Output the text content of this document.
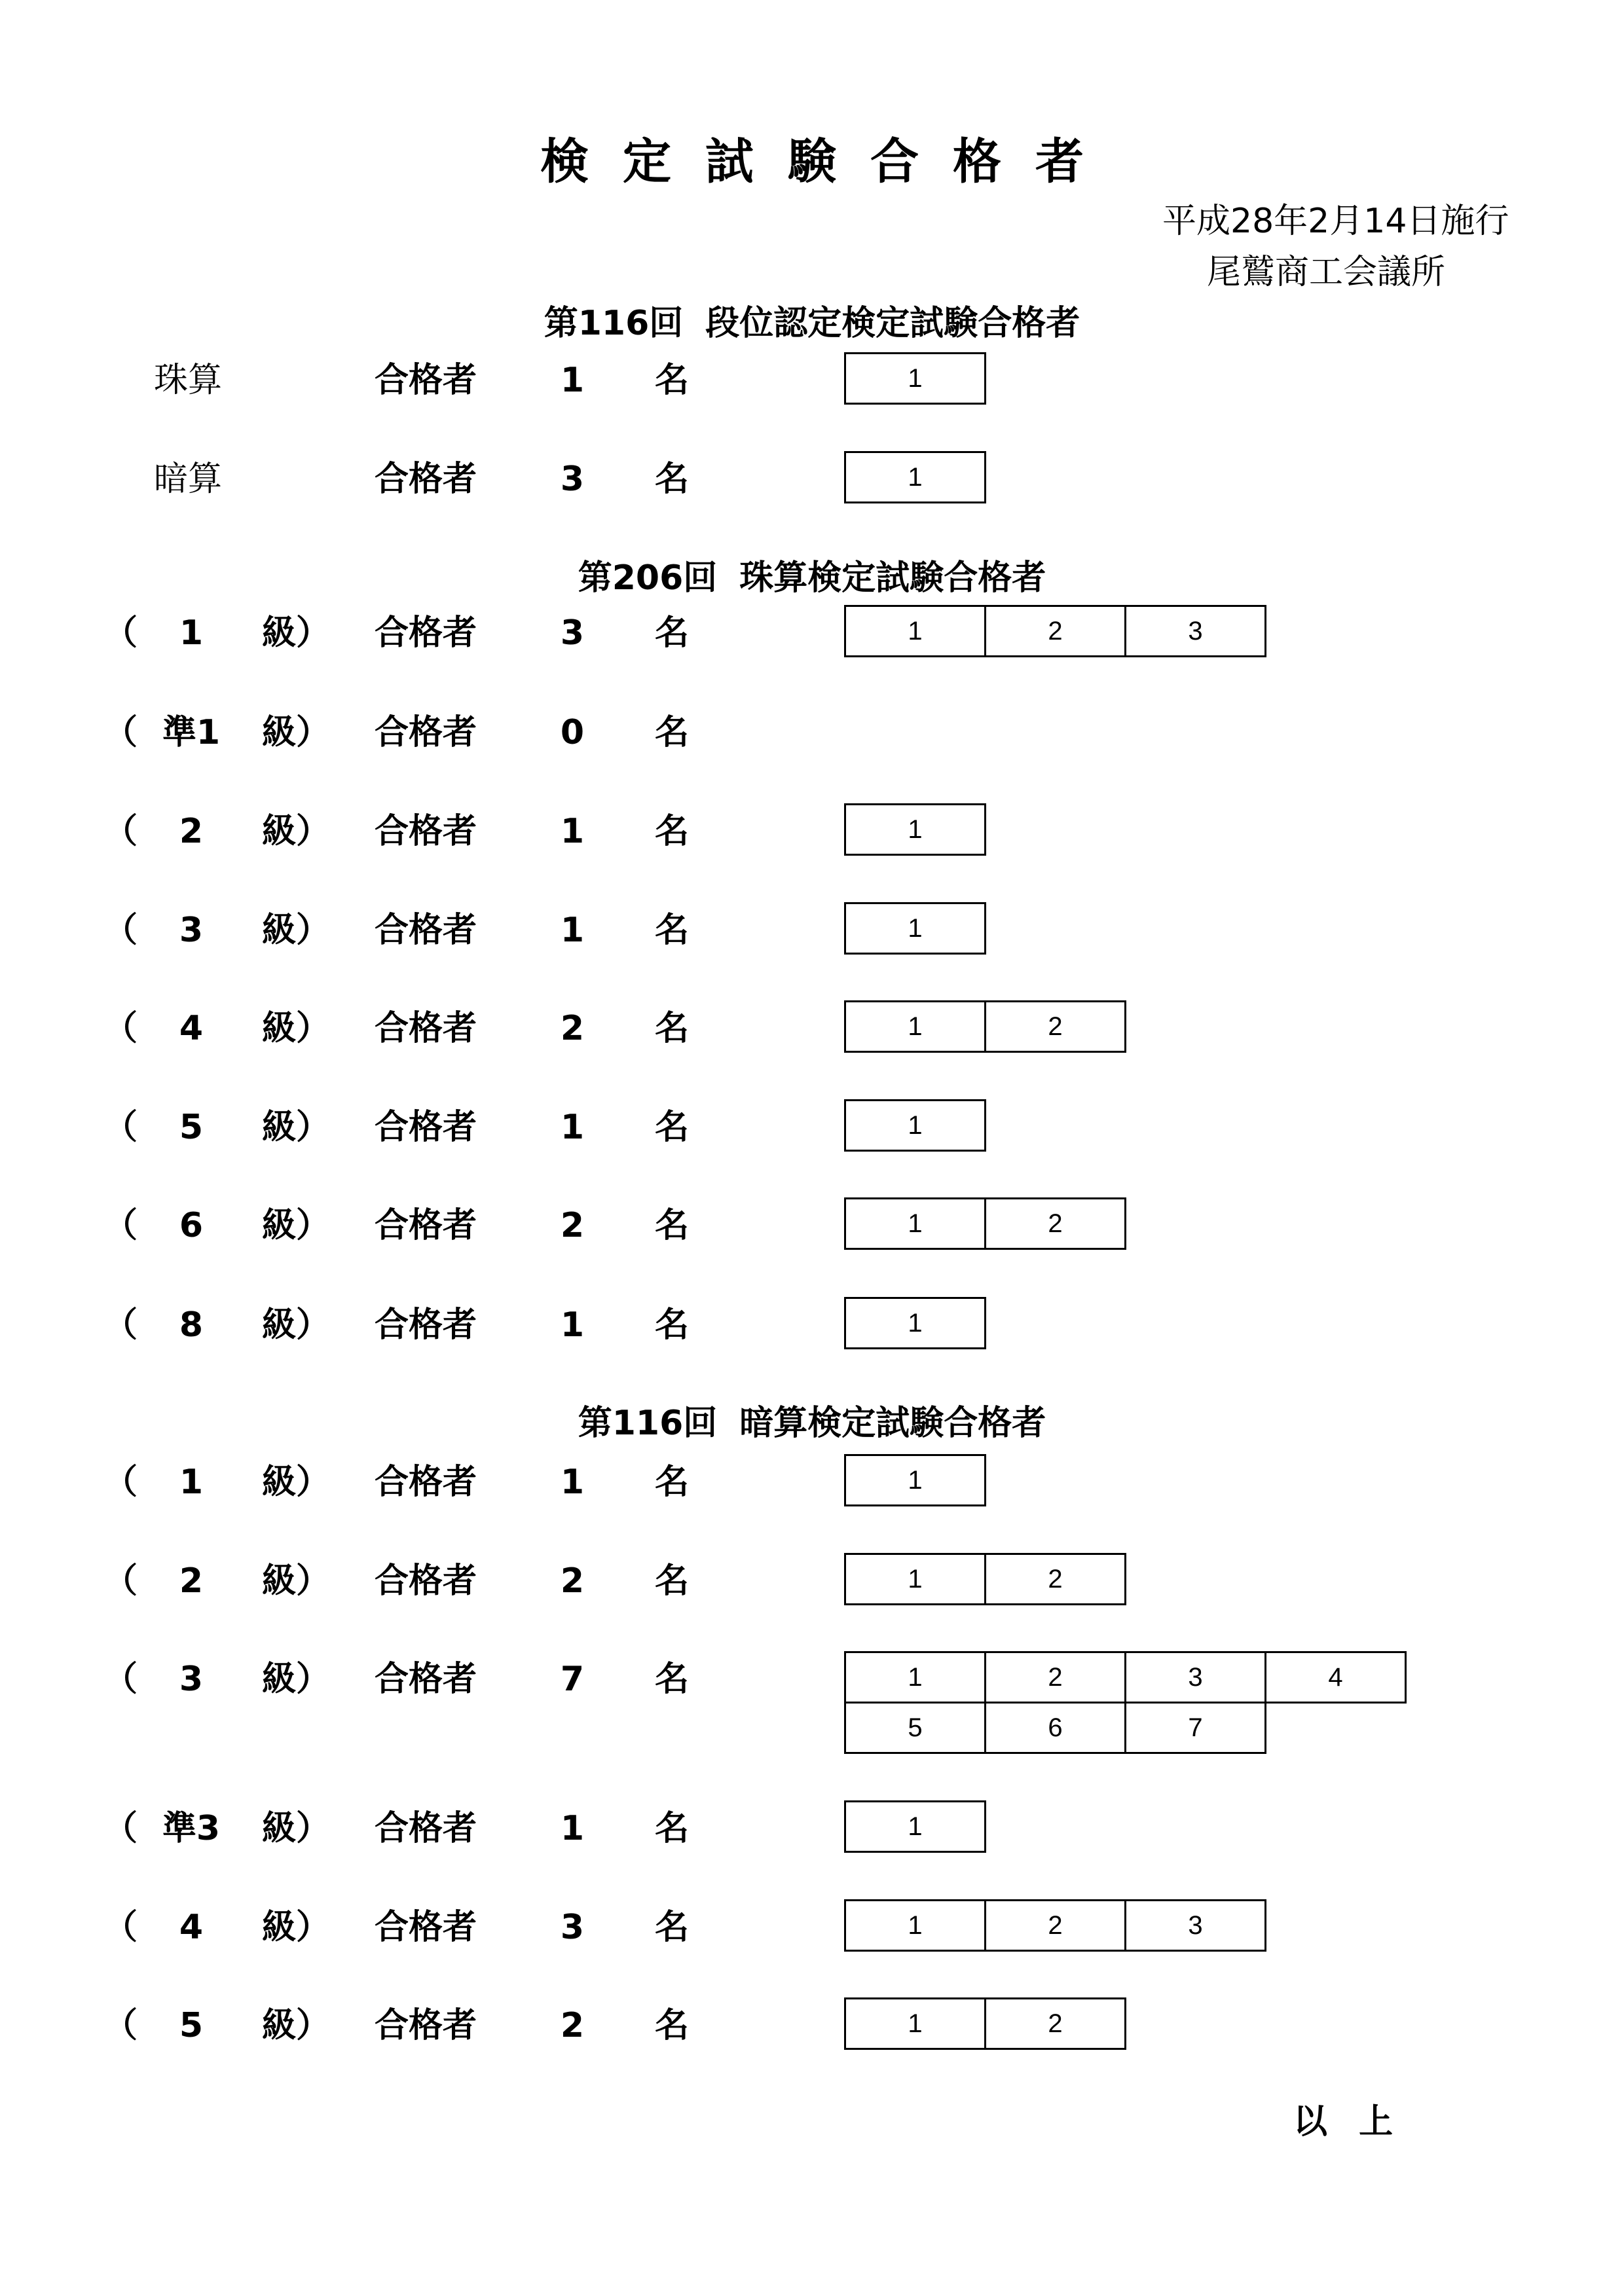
検定試験合格者
平成28年2月14日施行
尾鷲商工会議所
第116回 段位認定検定試験合格者
珠算	合格者 1 名	1
暗算	合格者 3 名	1
第206回 珠算検定試験合格者
（ 1 級） 合格者 3 名	1	2	3
（ 準1 級） 合格者 0 名
（ 2 級） 合格者 1 名	1
（ 3 級） 合格者 1 名	1
（ 4 級） 合格者 2 名	1	2
（ 5 級） 合格者 1 名	1
（ 6 級） 合格者 2 名	1	2
（ 8 級） 合格者 1 名	1
第116回 暗算検定試験合格者
（ 1 級） 合格者 1 名	1
（ 2 級） 合格者 2 名	1	2
（ 3 級） 合格者 7 名	1	2	3	4
5	6	7
（ 準3 級） 合格者 1 名	1
（ 4 級） 合格者 3 名	1	2	3
（ 5 級） 合格者 2 名	1	2
以 上
